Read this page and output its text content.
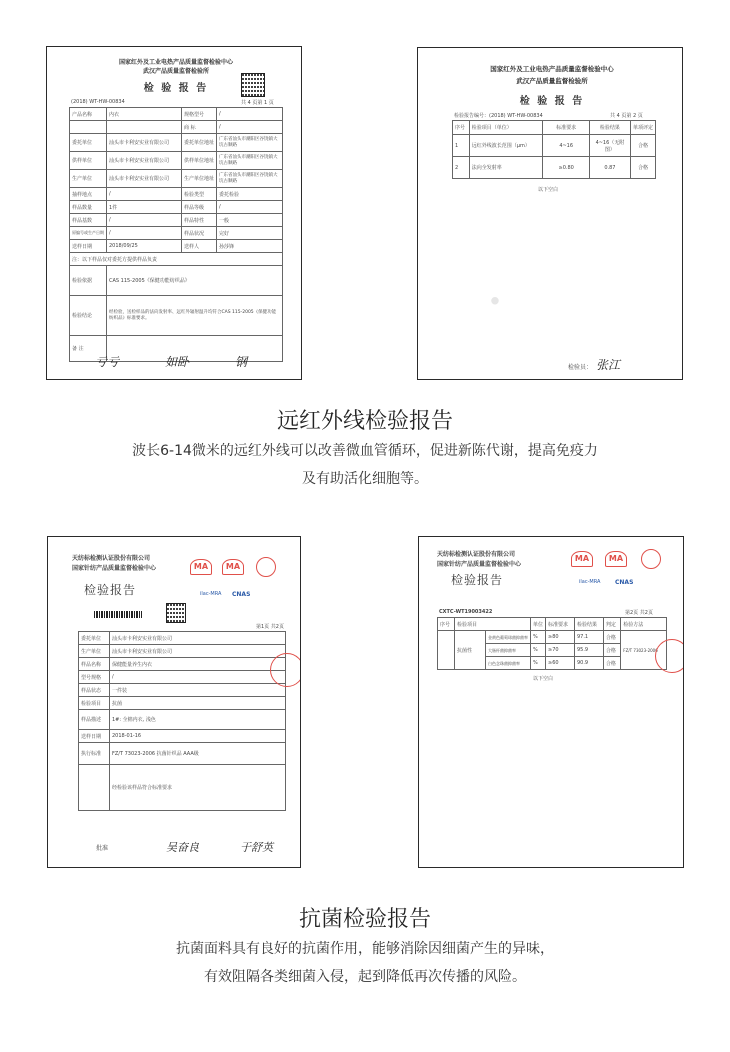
国家红外及工业电热产品质量监督检验中心
武汉产品质量监督检验所
检 验 报 告
(2018) WT-HW-00834	共 4 页第 1 页
产品名称	内衣	规格型号	/
		商 标	/
委托单位	汕头市卡利安实业有限公司	委托单位地址	广东省汕头市潮阳区谷饶镇大坑古顺路
供样单位	汕头市卡利安实业有限公司	供样单位地址	广东省汕头市潮阳区谷饶镇大坑古顺路
生产单位	汕头市卡利安实业有限公司	生产单位地址	广东省汕头市潮阳区谷饶镇大坑古顺路
抽样地点	/	检验类型	委托检验
样品数量	1件	样品等级	/
样品基数	/	样品特性	一般
原编号或生产日期	/	样品状况	完好
送样日期	2018/09/25	送样人	孙莎锋
注：以下样品仅对委托方提供样品负责			
检验依据	CAS 115-2005《保健功能纺织品》		
检验结论	经检验，送检样品的法向发射率、远红外辐射温升均符合CAS 115-2005《保健功能纺织品》标准要求。		
备 注			
亏亏	如卧	钢
·
国家红外及工业电热产品质量监督检验中心
武汉产品质量监督检验所
检 验 报 告
检验报告编号：(2018) WT-HW-00834	共 4 页第 2 页
序号	检验项目（单位）	标准要求	检验结果	单项评定
1	远红外线波长范围（μm）	4~16	4~16（无附图）	合格
2	法向全发射率	≥0.80	0.87	合格
以下空白
检验员： 张江
远红外线检验报告
波长6-14微米的远红外线可以改善微血管循环，促进新陈代谢，提高免疫力
及有助活化细胞等。
天纺标检测认证股份有限公司
国家针纺产品质量监督检验中心
检验报告
MA	MA
ilac-MRA CNAS
第1页 共2页
委托单位	汕头市卡利安实业有限公司
生产单位	汕头市卡利安实业有限公司
样品名称	保健能量养生内衣
型号规格	/
样品状态	一件装
检验项目	抗菌
样品描述	1#: 全棉内衣, 浅色
送样日期	2018-01-16
执行标准	FZ/T 73023-2006 抗菌针织品 AAA级
	经检验该样品符合标准要求
批准	吴奋良	于舒英
天纺标检测认证股份有限公司
国家针纺产品质量监督检验中心
检验报告
MA	MA
ilac-MRA CNAS
CXTC-WT19003422	第2页 共2页
序号	检验项目		单位	标准要求	检验结果	判定	检验方法
	抗菌性	金黄色葡萄球菌抑菌率	%	≥80	97.1	合格	FZ/T 73023-2006
		大肠杆菌抑菌率	%	≥70	95.9	合格	
		白色念珠菌抑菌率	%	≥60	90.9	合格	
以下空白
抗菌检验报告
抗菌面料具有良好的抗菌作用，能够消除因细菌产生的异味，
有效阻隔各类细菌入侵，起到降低再次传播的风险。
